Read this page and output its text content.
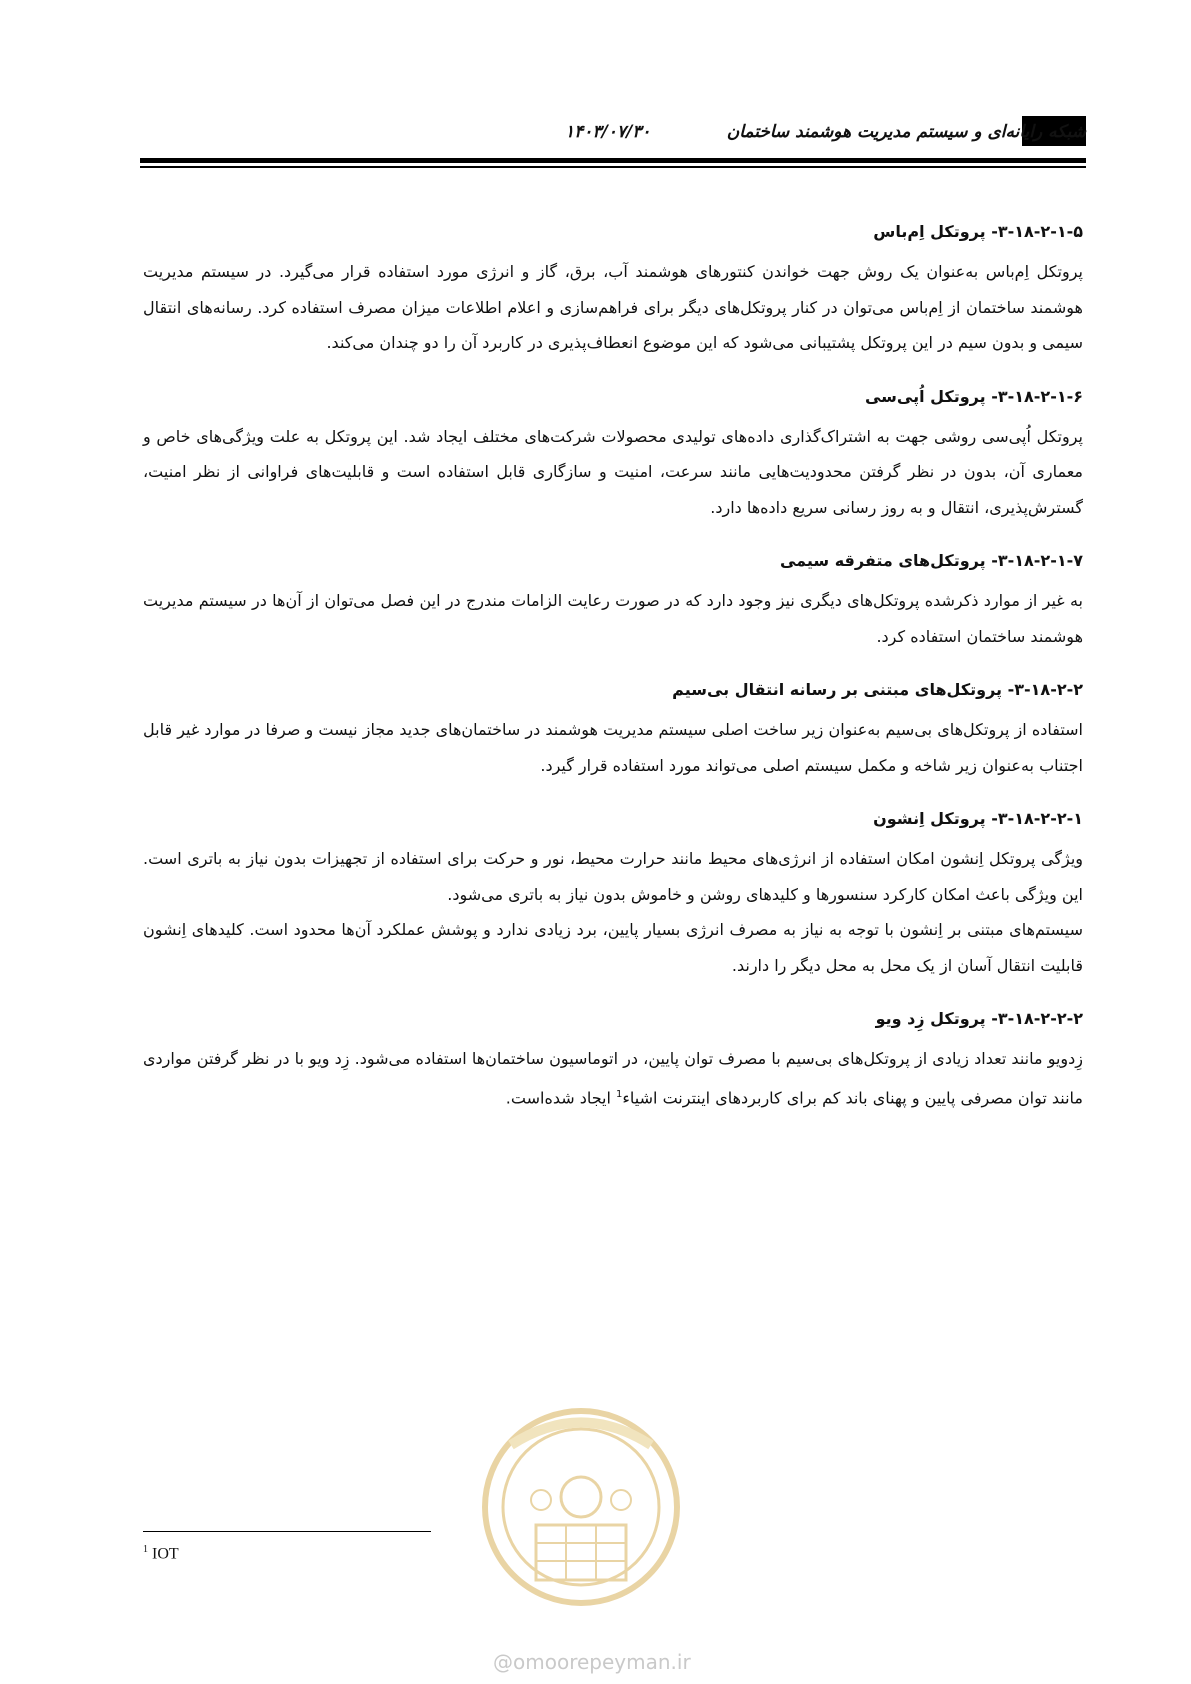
۱۴۰۳/۰۷/۳۰	شبکه رایانه‌ای و سیستم مدیریت هوشمند ساختمان

۳-۱۸-۲-۱-۵- پروتکل اِم‌باس

پروتکل اِم‌باس به‌عنوان یک روش جهت خواندن کنتورهای هوشمند آب، برق، گاز و انرژی مورد استفاده قرار می‌گیرد. در سیستم مدیریت هوشمند ساختمان از اِم‌باس می‌توان در کنار پروتکل‌های دیگر برای فراهم‌سازی و اعلام اطلاعات میزان مصرف استفاده کرد. رسانه‌های انتقال سیمی و بدون سیم در این پروتکل پشتیبانی می‌شود که این موضوع انعطاف‌پذیری در کاربرد آن را دو چندان می‌کند.

۳-۱۸-۲-۱-۶- پروتکل اُپی‌سی

پروتکل اُپی‌سی روشی جهت به اشتراک‌گذاری داده‌های تولیدی محصولات شرکت‌های مختلف ایجاد شد. این پروتکل به علت ویژگی‌های خاص و معماری آن، بدون در نظر گرفتن محدودیت‌هایی مانند سرعت، امنیت و سازگاری قابل استفاده است و قابلیت‌های فراوانی از نظر امنیت، گسترش‌پذیری، انتقال و به روز رسانی سریع داده‌ها دارد.

۳-۱۸-۲-۱-۷- پروتکل‌های متفرقه سیمی

به غیر از موارد ذکرشده پروتکل‌های دیگری نیز وجود دارد که در صورت رعایت الزامات مندرج در این فصل می‌توان از آن‌ها در سیستم مدیریت هوشمند ساختمان استفاده کرد.

۳-۱۸-۲-۲- پروتکل‌های مبتنی بر رسانه انتقال بی‌سیم

استفاده از پروتکل‌های بی‌سیم به‌عنوان زیر ساخت اصلی سیستم مدیریت هوشمند در ساختمان‌های جدید مجاز نیست و صرفا در موارد غیر قابل اجتناب به‌عنوان زیر شاخه و مکمل سیستم اصلی می‌تواند مورد استفاده قرار گیرد.

۳-۱۸-۲-۲-۱- پروتکل اِنشون

ویژگی پروتکل اِنشون امکان استفاده از انرژی‌های محیط مانند حرارت محیط، نور و حرکت برای استفاده از تجهیزات بدون نیاز به باتری است. این ویژگی باعث امکان کارکرد سنسورها و کلیدهای روشن و خاموش بدون نیاز به باتری می‌شود.

سیستم‌های مبتنی بر اِنشون با توجه به نیاز به مصرف انرژی بسیار پایین، برد زیادی ندارد و پوشش عملکرد آن‌ها محدود است. کلیدهای اِنشون قابلیت انتقال آسان از یک محل به محل دیگر را دارند.

۳-۱۸-۲-۲-۲- پروتکل زِد ویو

زِدویو مانند تعداد زیادی از پروتکل‌های بی‌سیم با مصرف توان پایین، در اتوماسیون ساختمان‌ها استفاده می‌شود. زِد ویو با در نظر گرفتن مواردی مانند توان مصرفی پایین و پهنای باند کم برای کاربردهای اینترنت اشیاء$^1$ ایجاد شده‌است.

$^1$ IOT
@omoorepeyman.ir
